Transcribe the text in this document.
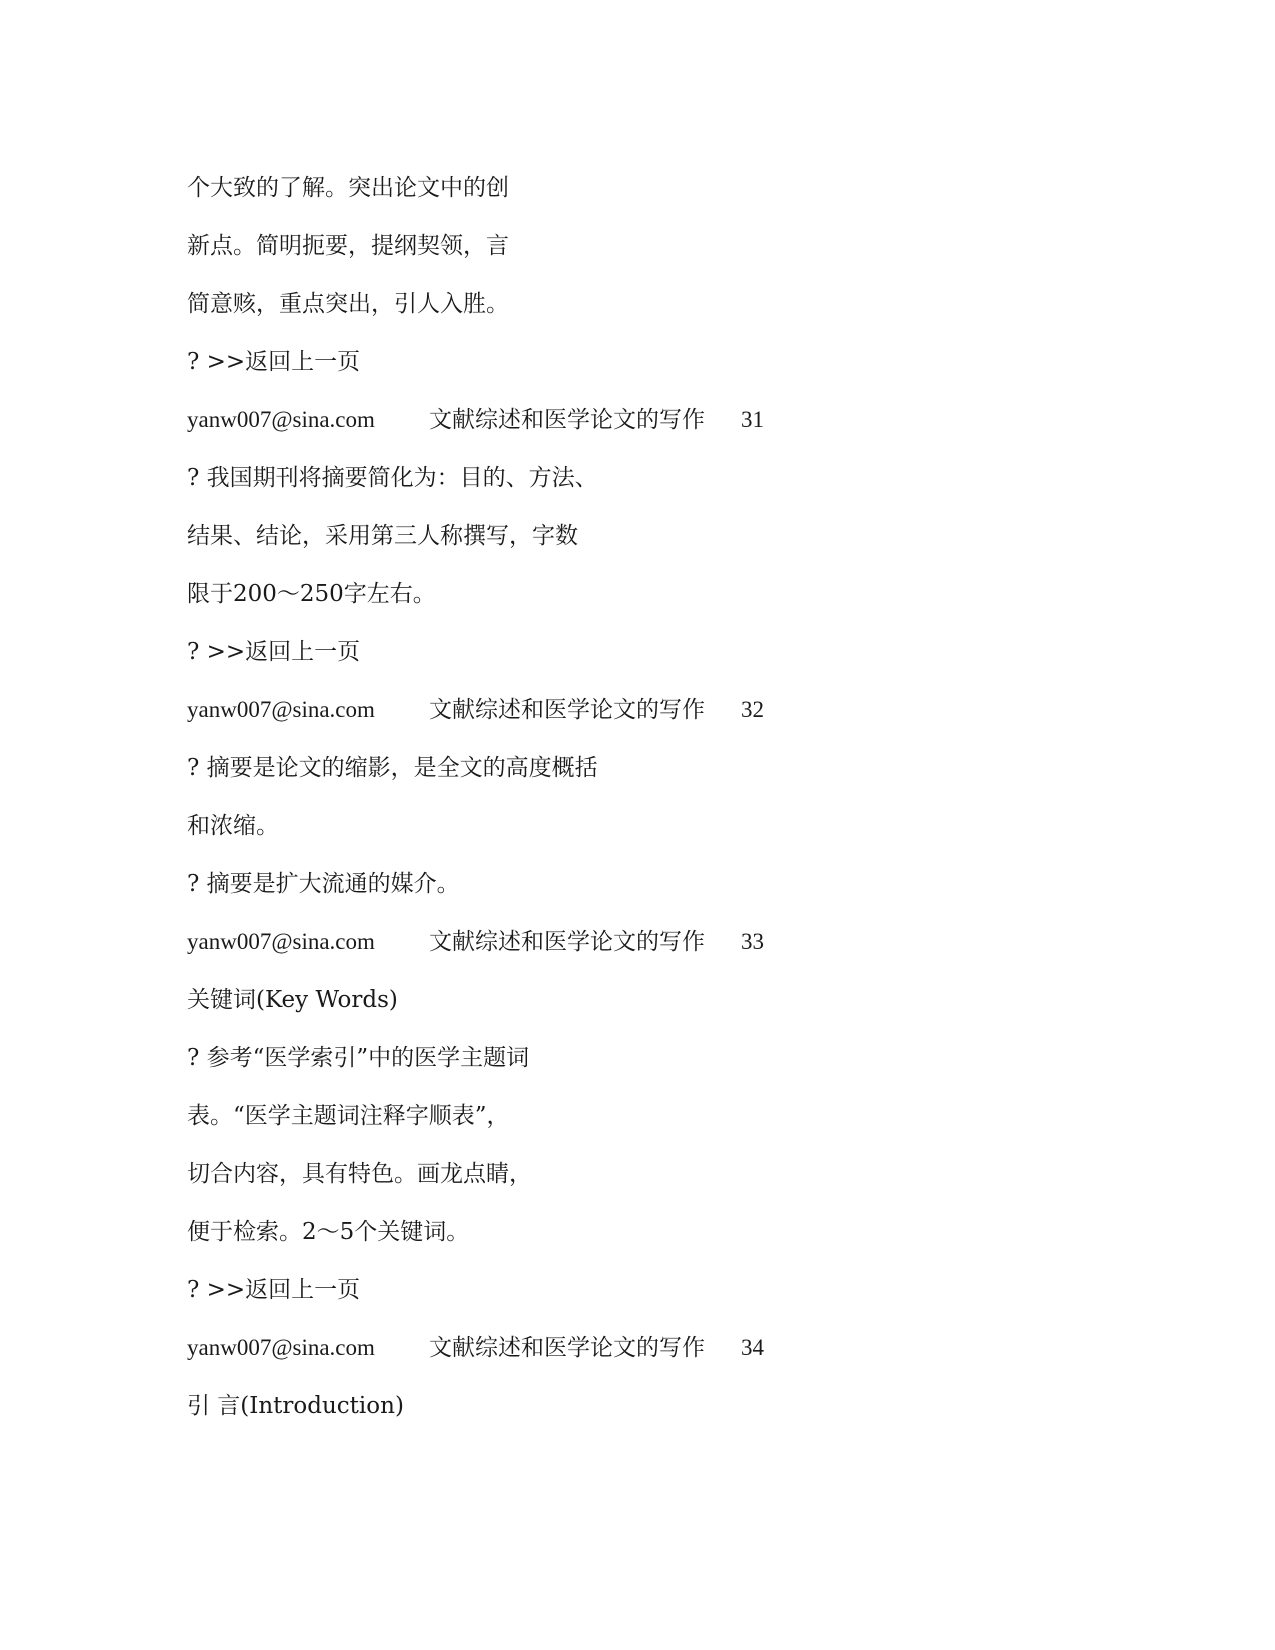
个大致的了解。突出论文中的创
新点。简明扼要，提纲契领，言
简意赅，重点突出，引人入胜。
? >>返回上一页
yanw007@sina.com 文献综述和医学论文的写作 31
? 我国期刊将摘要简化为：目的、方法、
结果、结论，采用第三人称撰写，字数
限于200～250字左右。
? >>返回上一页
yanw007@sina.com 文献综述和医学论文的写作 32
? 摘要是论文的缩影，是全文的高度概括
和浓缩。
? 摘要是扩大流通的媒介。
yanw007@sina.com 文献综述和医学论文的写作 33
关键词(Key Words)
? 参考“医学索引”中的医学主题词
表。“医学主题词注释字顺表”，
切合内容，具有特色。画龙点睛，
便于检索。2～5个关键词。
? >>返回上一页
yanw007@sina.com 文献综述和医学论文的写作 34
引 言(Introduction)
